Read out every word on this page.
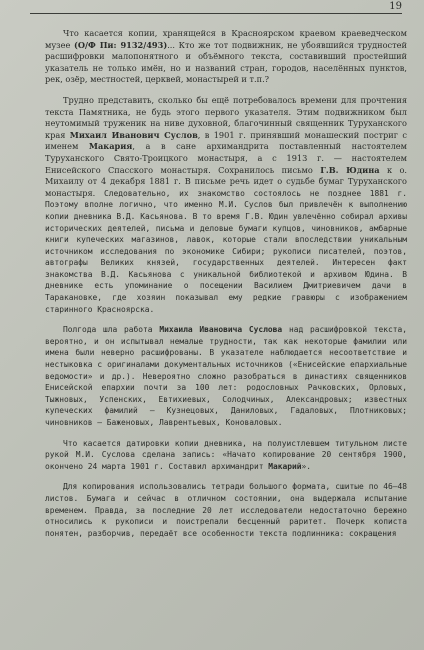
19

Что касается копии, хранящейся в Красноярском краевом краеведческом музее (О/Ф Пи: 9132/493)... Кто же тот подвижник, не убоявшийся трудностей расшифровки малопонятного и объёмного текста, составивший простейший указатель не только имён, но и названий стран, городов, населённых пунктов, рек, озёр, местностей, церквей, монастырей и т.п.?

Трудно представить, сколько бы ещё потребовалось времени для прочтения текста Памятника, не будь этого первого указателя. Этим подвижником был неутомимый труженик на ниве духовной, благочинный священник Туруханского края Михаил Иванович Суслов, в 1901 г. принявший монашеский постриг с именем Макария, а в сане архимандрита поставленный настоятелем Туруханского Свято-Троицкого монастыря, а с 1913 г. — настоятелем Енисейского Спасского монастыря. Сохранилось письмо Г.В. Юдина к о. Михаилу от 4 декабря 1881 г. В письме речь идет о судьбе бумаг Туруханского монастыря. Следовательно, их знакомство состоялось не позднее 1881 г. Поэтому вполне логично, что именно М.И. Суслов был привлечён к выполнению копии дневника В.Д. Касьянова. В то время Г.В. Юдин увлечённо собирал архивы исторических деятелей, письма и деловые бумаги купцов, чиновников, амбарные книги купеческих магазинов, лавок, которые стали впоследствии уникальным источником исследования по экономике Сибири; рукописи писателей, поэтов, автографы Великих князей, государственных деятелей. Интересен факт знакомства В.Д. Касьянова с уникальной библиотекой и архивом Юдина. В дневнике есть упоминание о посещении Василием Дмитриевичем дачи в Таракановке, где хозяин показывал ему редкие гравюры с изображением старинного Красноярска.

Полгода шла работа Михаила Ивановича Суслова над расшифровкой текста, вероятно, и он испытывал немалые трудности, так как некоторые фамилии или имена были неверно расшифрованы. В указателе наблюдается несоответствие и нестыковка с оригиналами документальных источников («Енисейские епархиальные ведомости» и др.). Невероятно сложно разобраться в династиях священников Енисейской епархии почти за 100 лет: родословных Рачковских, Орловых, Тыжновых, Успенских, Евтихиевых, Солодчиных, Александровых; известных купеческих фамилий — Кузнецовых, Даниловых, Гадаловых, Плотниковых; чиновников — Баженовых, Лаврентьевых, Коноваловых.

Что касается датировки копии дневника, на полуистлевшем титульном листе рукой М.И. Суслова сделана запись: «Начато копирование 20 сентября 1900, окончено 24 марта 1901 г. Составил архимандрит Макарий».

Для копирования использовались тетради большого формата, сшитые по 46—48 листов. Бумага и сейчас в отличном состоянии, она выдержала испытание временем. Правда, за последние 20 лет исследователи недостаточно бережно относились к рукописи и поистрепали бесценный раритет. Почерк кописта понятен, разборчив, передаёт все особенности текста подлинника: сокращения
